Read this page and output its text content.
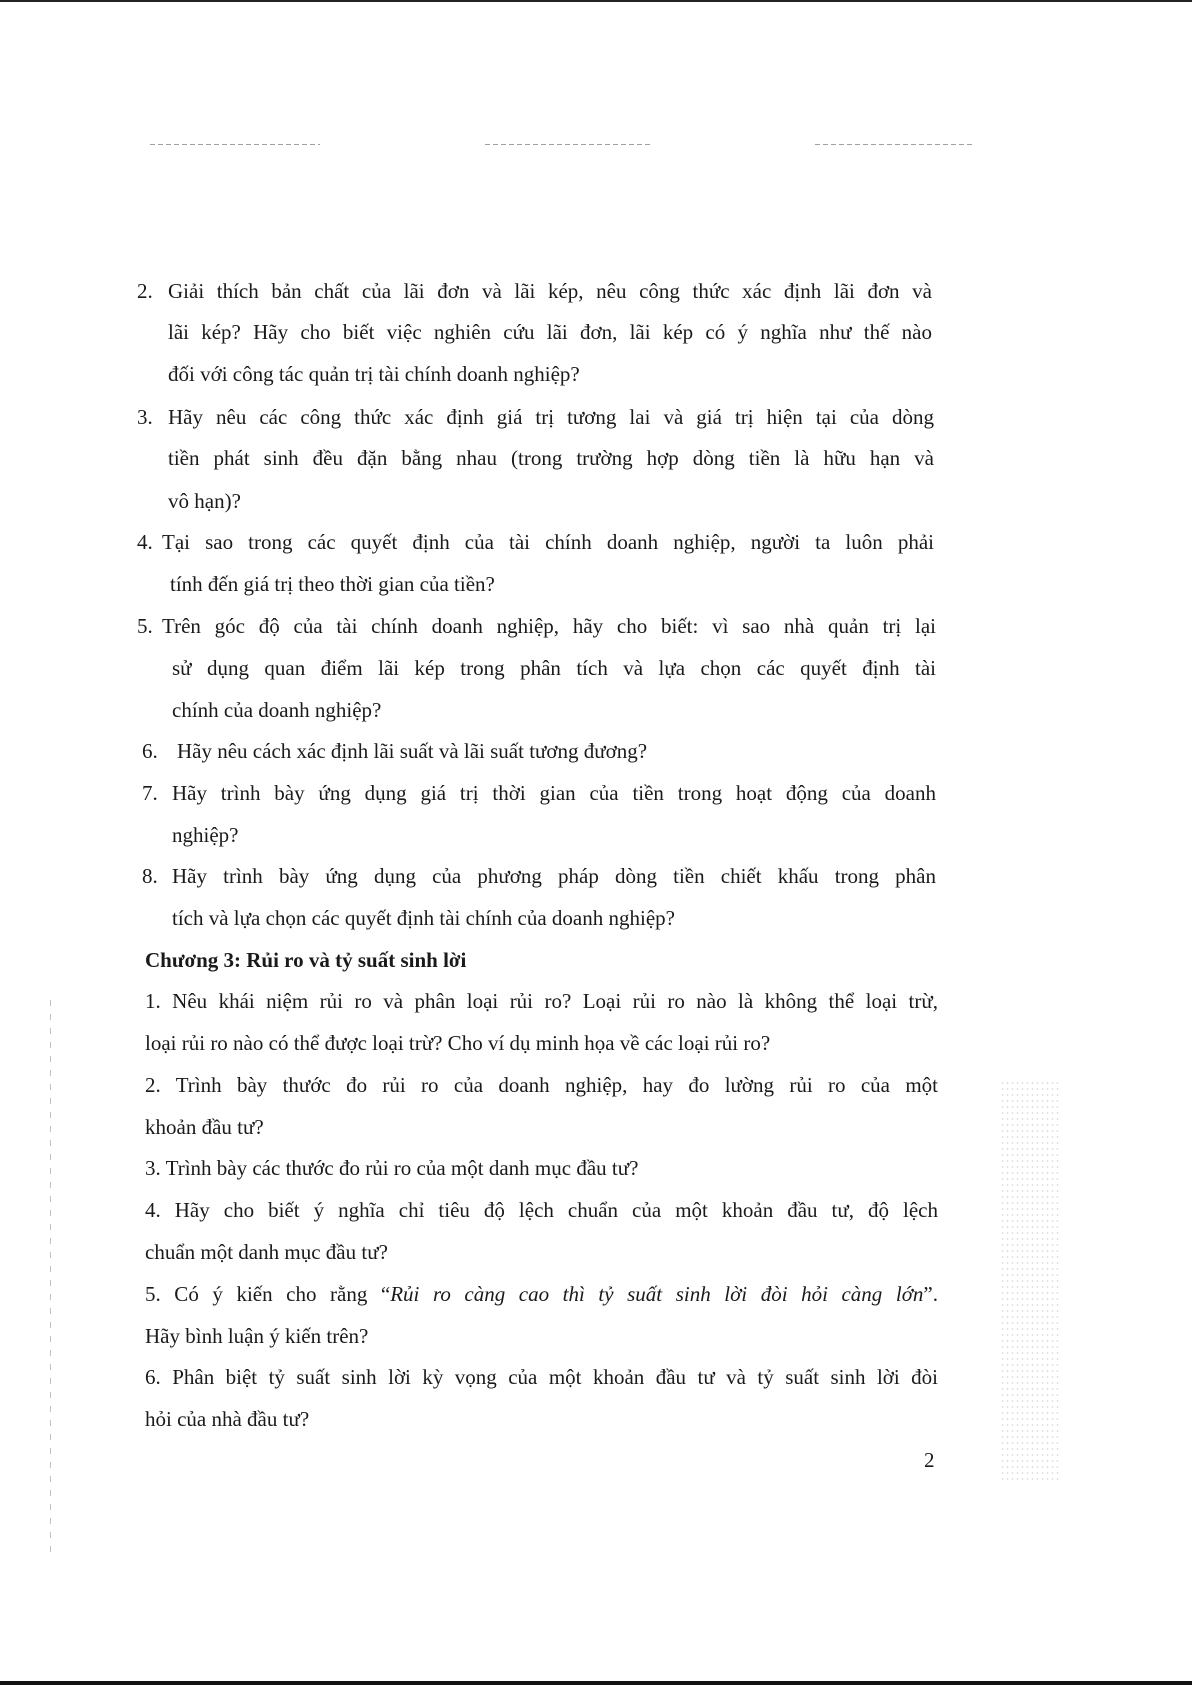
2. Giải thích bản chất của lãi đơn và lãi kép, nêu công thức xác định lãi đơn và
lãi kép? Hãy cho biết việc nghiên cứu lãi đơn, lãi kép có ý nghĩa như thế nào
đối với công tác quản trị tài chính doanh nghiệp?
3. Hãy nêu các công thức xác định giá trị tương lai và giá trị hiện tại của dòng
tiền phát sinh đều đặn bằng nhau (trong trường hợp dòng tiền là hữu hạn và
vô hạn)?
4. Tại sao trong các quyết định của tài chính doanh nghiệp, người ta luôn phải
tính đến giá trị theo thời gian của tiền?
5. Trên góc độ của tài chính doanh nghiệp, hãy cho biết: vì sao nhà quản trị lại
sử dụng quan điểm lãi kép trong phân tích và lựa chọn các quyết định tài
chính của doanh nghiệp?
6. Hãy nêu cách xác định lãi suất và lãi suất tương đương?
7. Hãy trình bày ứng dụng giá trị thời gian của tiền trong hoạt động của doanh
nghiệp?
8. Hãy trình bày ứng dụng của phương pháp dòng tiền chiết khấu trong phân
tích và lựa chọn các quyết định tài chính của doanh nghiệp?
Chương 3: Rủi ro và tỷ suất sinh lời
1. Nêu khái niệm rủi ro và phân loại rủi ro? Loại rủi ro nào là không thể loại trừ,
loại rủi ro nào có thể được loại trừ? Cho ví dụ minh họa về các loại rủi ro?
2. Trình bày thước đo rủi ro của doanh nghiệp, hay đo lường rủi ro của một
khoản đầu tư?
3. Trình bày các thước đo rủi ro của một danh mục đầu tư?
4. Hãy cho biết ý nghĩa chỉ tiêu độ lệch chuẩn của một khoản đầu tư, độ lệch
chuẩn một danh mục đầu tư?
5. Có ý kiến cho rằng “Rủi ro càng cao thì tỷ suất sinh lời đòi hỏi càng lớn”.
Hãy bình luận ý kiến trên?
6. Phân biệt tỷ suất sinh lời kỳ vọng của một khoản đầu tư và tỷ suất sinh lời đòi
hỏi của nhà đầu tư?
2
